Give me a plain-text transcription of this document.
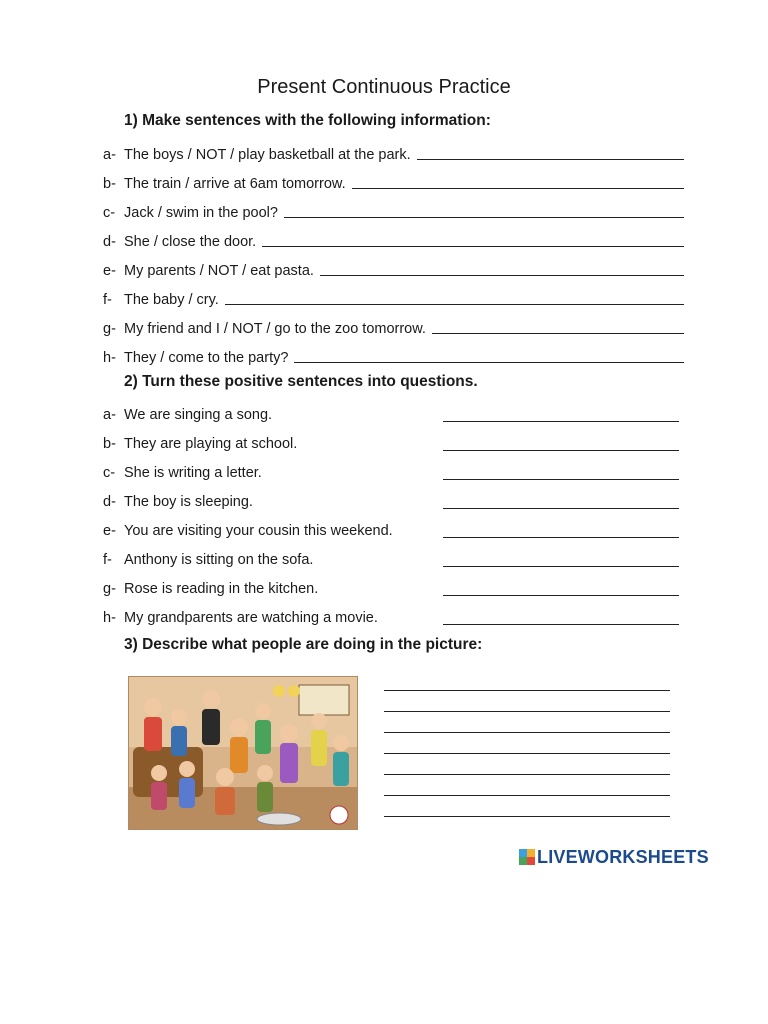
Present Continuous Practice
1) Make sentences with the following information:
a- The boys / NOT / play basketball at the park.
b- The train / arrive at 6am tomorrow.
c- Jack / swim in the pool?
d- She / close the door.
e- My parents / NOT / eat pasta.
f- The baby / cry.
g- My friend and I / NOT / go to the zoo tomorrow.
h- They / come to the party?
2) Turn these positive sentences into questions.
a- We are singing a song.
b- They are playing at school.
c- She is writing a letter.
d- The boy is sleeping.
e- You are visiting your cousin this weekend.
f- Anthony is sitting on the sofa.
g- Rose is reading in the kitchen.
h- My grandparents are watching a movie.
3) Describe what people are doing in the picture:
LIVEWORKSHEETS
